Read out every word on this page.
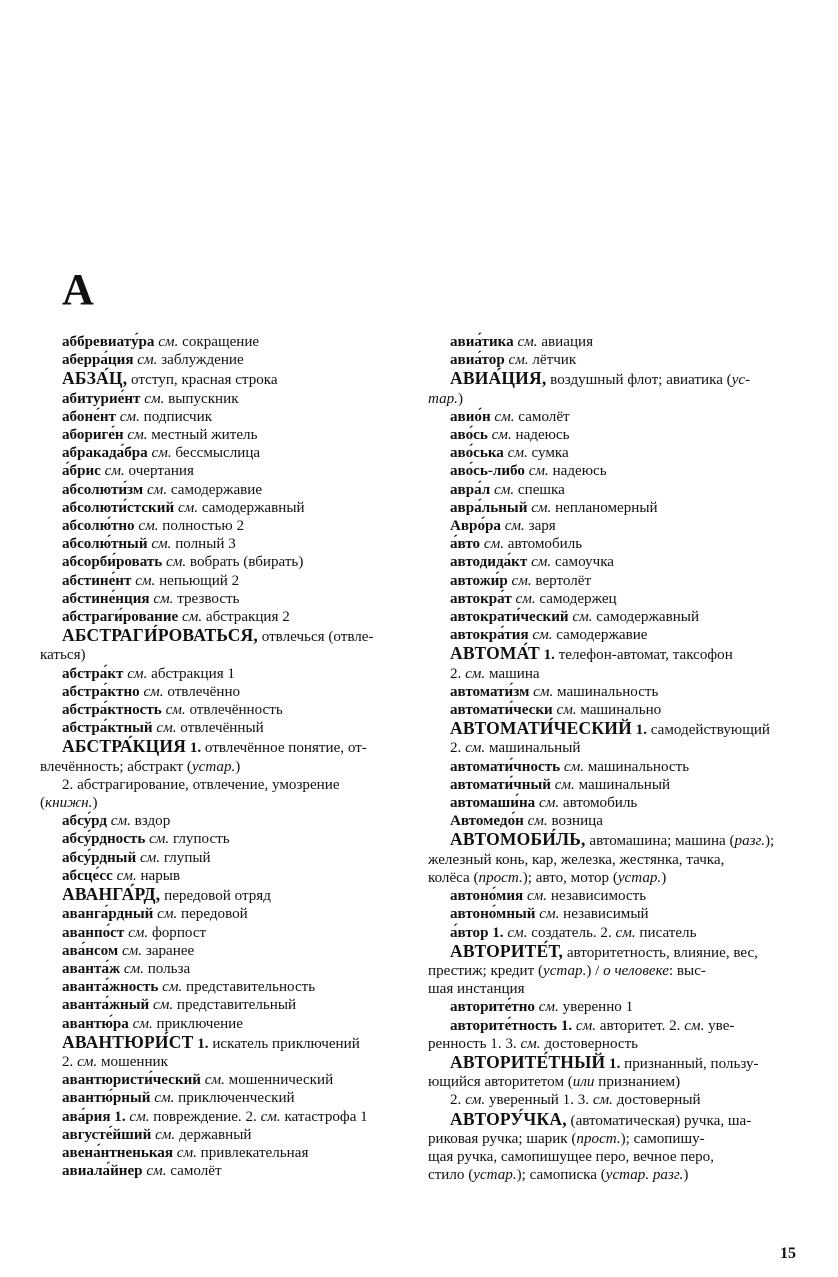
А
аббревиату́ра см. сокращение
аберра́ция см. заблуждение
АБЗА́Ц, отступ, красная строка
абитурие́нт см. выпускник
абоне́нт см. подписчик
абориге́н см. местный житель
абракада́бра см. бессмыслица
а́брис см. очертания
абсолюти́зм см. самодержавие
абсолюти́стский см. самодержавный
абсолю́тно см. полностью 2
абсолю́тный см. полный 3
абсорби́ровать см. вобрать (вбирать)
абстине́нт см. непьющий 2
абстине́нция см. трезвость
абстраги́рование см. абстракция 2
АБСТРАГИ́РОВАТЬСЯ, отвлечься (отвле-
каться)
абстра́кт см. абстракция 1
абстра́ктно см. отвлечённо
абстра́ктность см. отвлечённость
абстра́ктный см. отвлечённый
АБСТРА́КЦИЯ 1. отвлечённое понятие, от-
влечённость; абстракт (устар.)
2. абстрагирование, отвлечение, умозрение
(книжн.)
абсу́рд см. вздор
абсу́рдность см. глупость
абсу́рдный см. глупый
абсце́сс см. нарыв
АВАНГА́РД, передовой отряд
аванга́рдный см. передовой
аванпо́ст см. форпост
ава́нсом см. заранее
аванта́ж см. польза
аванта́жность см. представительность
аванта́жный см. представительный
авантю́ра см. приключение
АВАНТЮРИ́СТ 1. искатель приключений
2. см. мошенник
авантюристи́ческий см. мошеннический
авантю́рный см. приключенческий
ава́рия 1. см. повреждение. 2. см. катастрофа 1
августе́йший см. державный
авена́нтненькая см. привлекательная
авиала́йнер см. самолёт
авиа́тика см. авиация
авиа́тор см. лётчик
АВИА́ЦИЯ, воздушный флот; авиатика (ус-
тар.)
авио́н см. самолёт
аво́сь см. надеюсь
аво́ська см. сумка
аво́сь-либо см. надеюсь
авра́л см. спешка
авра́льный см. непланомерный
Авро́ра см. заря
а́вто см. автомобиль
автодида́кт см. самоучка
автожи́р см. вертолёт
автокра́т см. самодержец
автократи́ческий см. самодержавный
автокра́тия см. самодержавие
АВТОМА́Т 1. телефон-автомат, таксофон
2. см. машина
автомати́зм см. машинальность
автомати́чески см. машинально
АВТОМАТИ́ЧЕСКИЙ 1. самодействующий
2. см. машинальный
автомати́чность см. машинальность
автомати́чный см. машинальный
автомаши́на см. автомобиль
Автомедо́н см. возница
АВТОМОБИ́ЛЬ, автомашина; машина (разг.);
железный конь, кар, железка, жестянка, тачка,
колёса (прост.); авто, мотор (устар.)
автоно́мия см. независимость
автоно́мный см. независимый
а́втор 1. см. создатель. 2. см. писатель
АВТОРИТЕ́Т, авторитетность, влияние, вес,
престиж; кредит (устар.) / о человеке: выс-
шая инстанция
авторите́тно см. уверенно 1
авторите́тность 1. см. авторитет. 2. см. уве-
ренность 1. 3. см. достоверность
АВТОРИТЕ́ТНЫЙ 1. признанный, пользу-
ющийся авторитетом (или признанием)
2. см. уверенный 1. 3. см. достоверный
АВТОРУ́ЧКА, (автоматическая) ручка, ша-
риковая ручка; шарик (прост.); самопишу-
щая ручка, самопишущее перо, вечное перо,
стило (устар.); самописка (устар. разг.)
15
